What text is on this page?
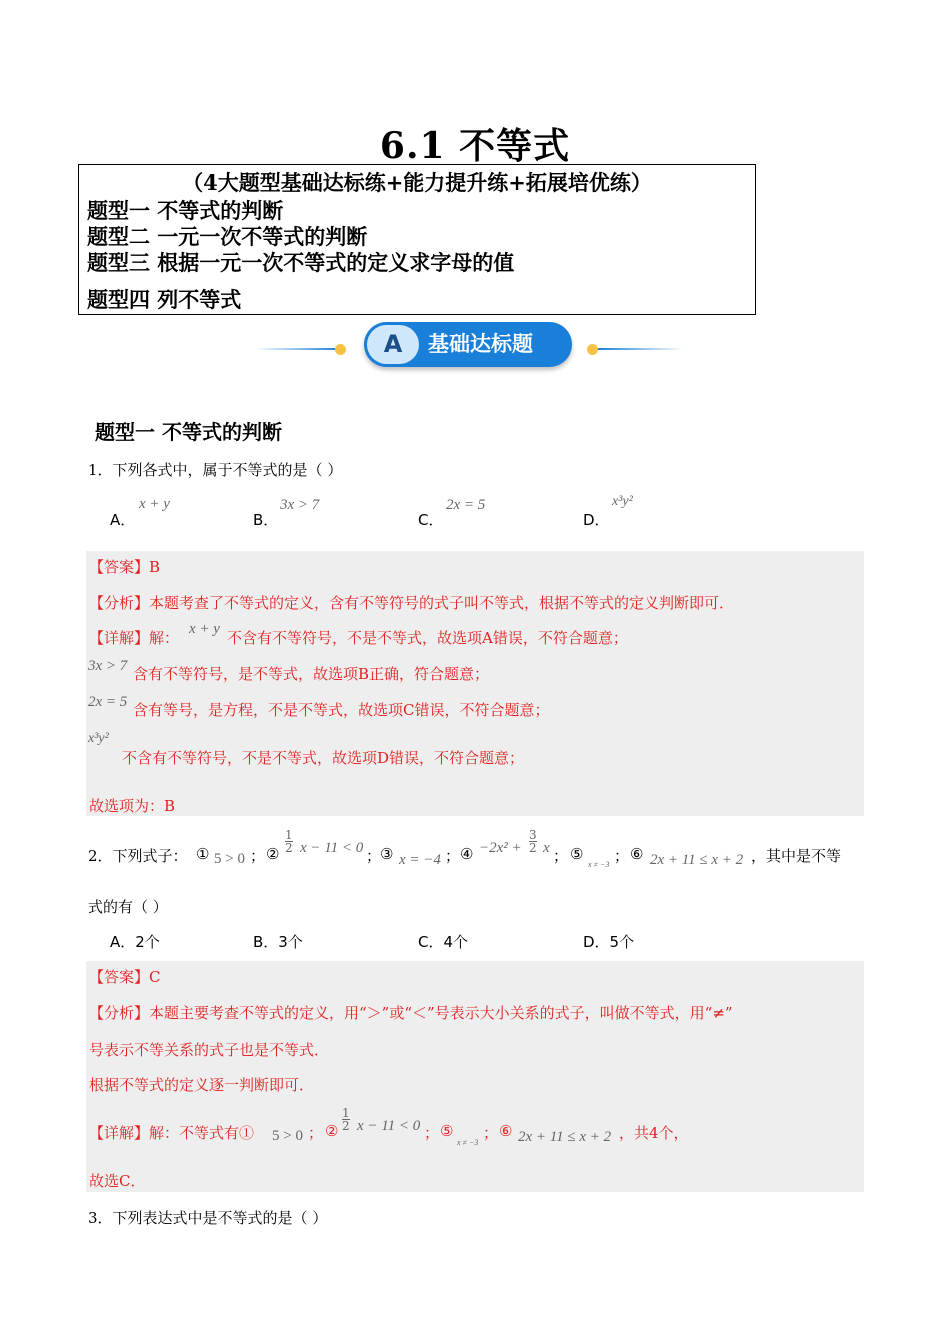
6.1 不等式
（4大题型基础达标练+能力提升练+拓展培优练）
题型一 不等式的判断
题型二 一元一次不等式的判断
题型三 根据一元一次不等式的定义求字母的值
题型四 列不等式
A	基础达标题
题型一 不等式的判断
1．下列各式中，属于不等式的是（ ）
A．
x + y
B．
3x > 7
C．
2x = 5
D．
x³y²
【答案】B
【分析】本题考查了不等式的定义，含有不等符号的式子叫不等式，根据不等式的定义判断即可．
【详解】解： x + y 不含有不等符号，不是不等式，故选项A错误，不符合题意；
3x > 7 含有不等符号，是不等式，故选项B正确，符合题意；
2x = 5 含有等号，是方程，不是不等式，故选项C错误，不符合题意；
x³y²
不含有不等符号，不是不等式，故选项D错误，不符合题意；
故选项为：B
2．下列式子： ① 5 > 0 ； ② $\frac{1}{2}$ x − 11 < 0 ；
③ x = −4 ； ④ $-2x^2 + \frac{3}{2}$ x ； ⑤
x ≠ −3 ； ⑥ 2x + 11 ≤ x + 2 ， 其中是不等
式的有（ ）
A．2个	B．3个	C．4个	D．5个
【答案】C
【分析】本题主要考查不等式的定义，用“＞”或“＜”号表示大小关系的式子，叫做不等式，用“≠”
号表示不等关系的式子也是不等式．
根据不等式的定义逐一判断即可．
【详解】解：不等式有① 5 > 0 ； ② $\frac{1}{2}$ x − 11 < 0 ； ⑤
x ≠ −3
； ⑥ 2x + 11 ≤ x + 2 ，共4个，
故选C．
3．下列表达式中是不等式的是（ ）
